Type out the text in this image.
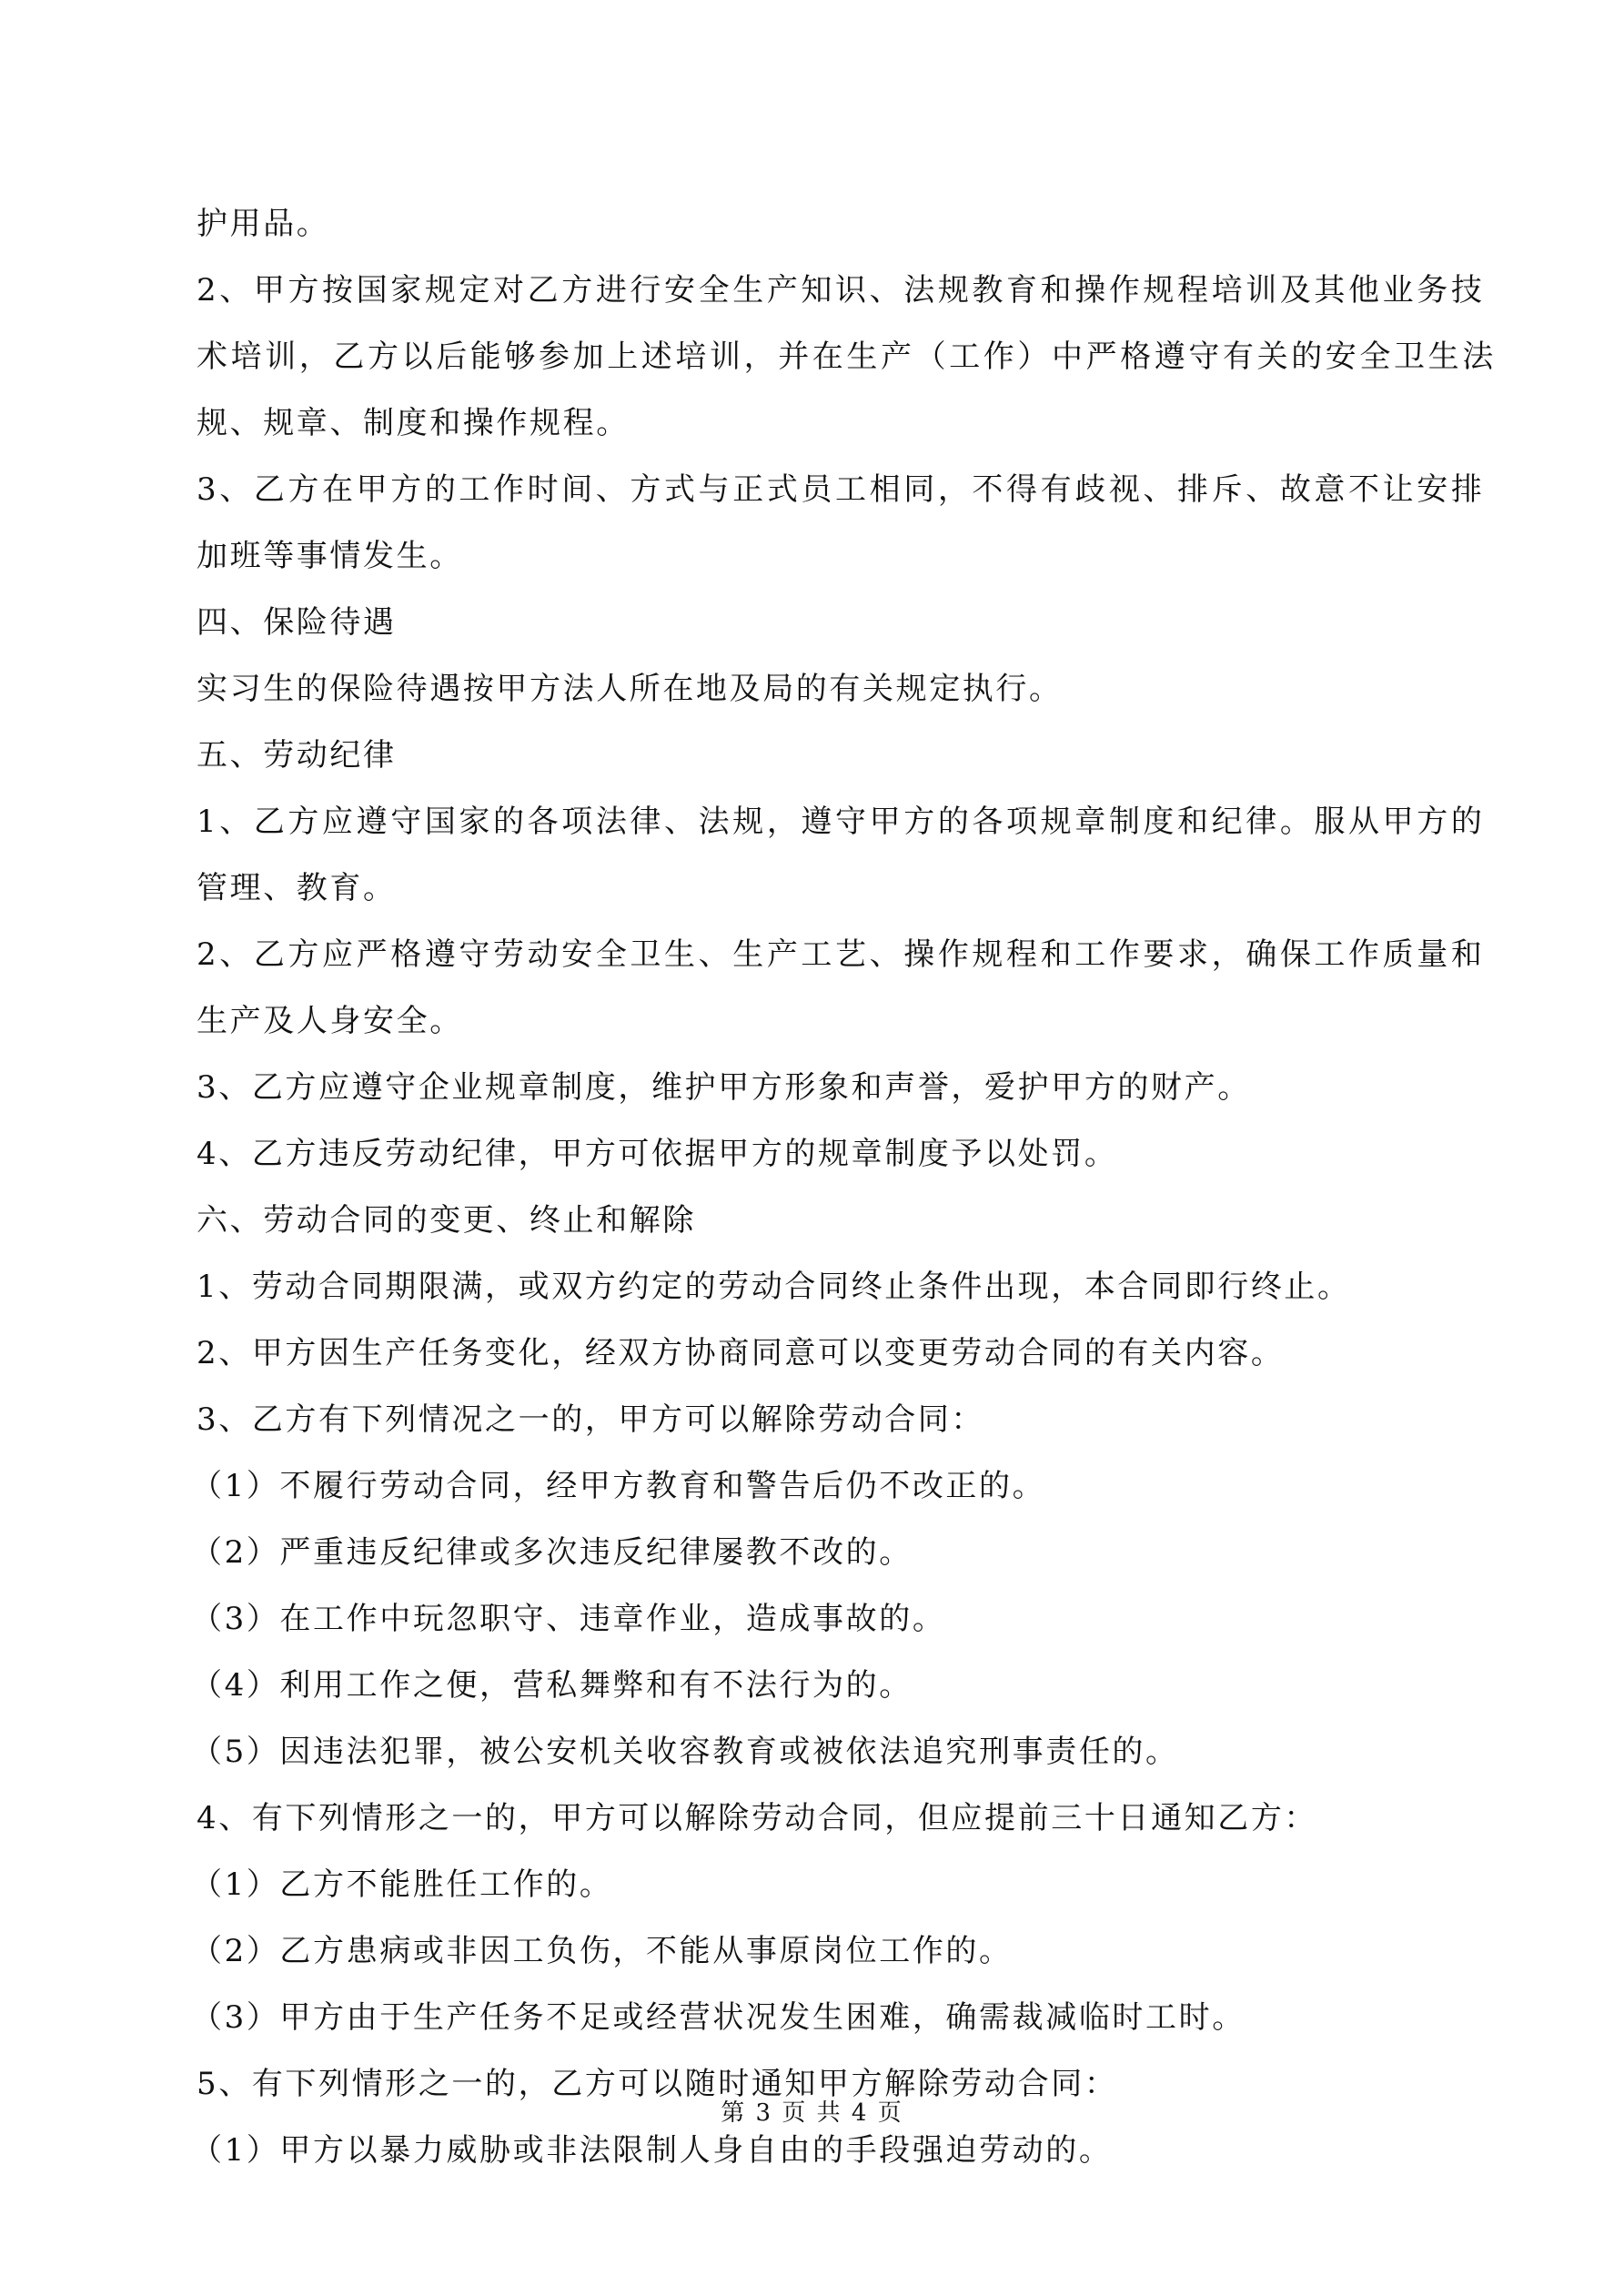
护用品。
2、甲方按国家规定对乙方进行安全生产知识、法规教育和操作规程培训及其他业务技
术培训，乙方以后能够参加上述培训，并在生产（工作）中严格遵守有关的安全卫生法
规、规章、制度和操作规程。
3、乙方在甲方的工作时间、方式与正式员工相同，不得有歧视、排斥、故意不让安排
加班等事情发生。
四、保险待遇
实习生的保险待遇按甲方法人所在地及局的有关规定执行。
五、劳动纪律
1、乙方应遵守国家的各项法律、法规，遵守甲方的各项规章制度和纪律。服从甲方的
管理、教育。
2、乙方应严格遵守劳动安全卫生、生产工艺、操作规程和工作要求，确保工作质量和
生产及人身安全。
3、乙方应遵守企业规章制度，维护甲方形象和声誉，爱护甲方的财产。
4、乙方违反劳动纪律，甲方可依据甲方的规章制度予以处罚。
六、劳动合同的变更、终止和解除
1、劳动合同期限满，或双方约定的劳动合同终止条件出现，本合同即行终止。
2、甲方因生产任务变化，经双方协商同意可以变更劳动合同的有关内容。
3、乙方有下列情况之一的，甲方可以解除劳动合同：
（1）不履行劳动合同，经甲方教育和警告后仍不改正的。
（2）严重违反纪律或多次违反纪律屡教不改的。
（3）在工作中玩忽职守、违章作业，造成事故的。
（4）利用工作之便，营私舞弊和有不法行为的。
（5）因违法犯罪，被公安机关收容教育或被依法追究刑事责任的。
4、有下列情形之一的，甲方可以解除劳动合同，但应提前三十日通知乙方：
（1）乙方不能胜任工作的。
（2）乙方患病或非因工负伤，不能从事原岗位工作的。
（3）甲方由于生产任务不足或经营状况发生困难，确需裁减临时工时。
5、有下列情形之一的，乙方可以随时通知甲方解除劳动合同：
（1）甲方以暴力威胁或非法限制人身自由的手段强迫劳动的。
第 3 页 共 4 页
